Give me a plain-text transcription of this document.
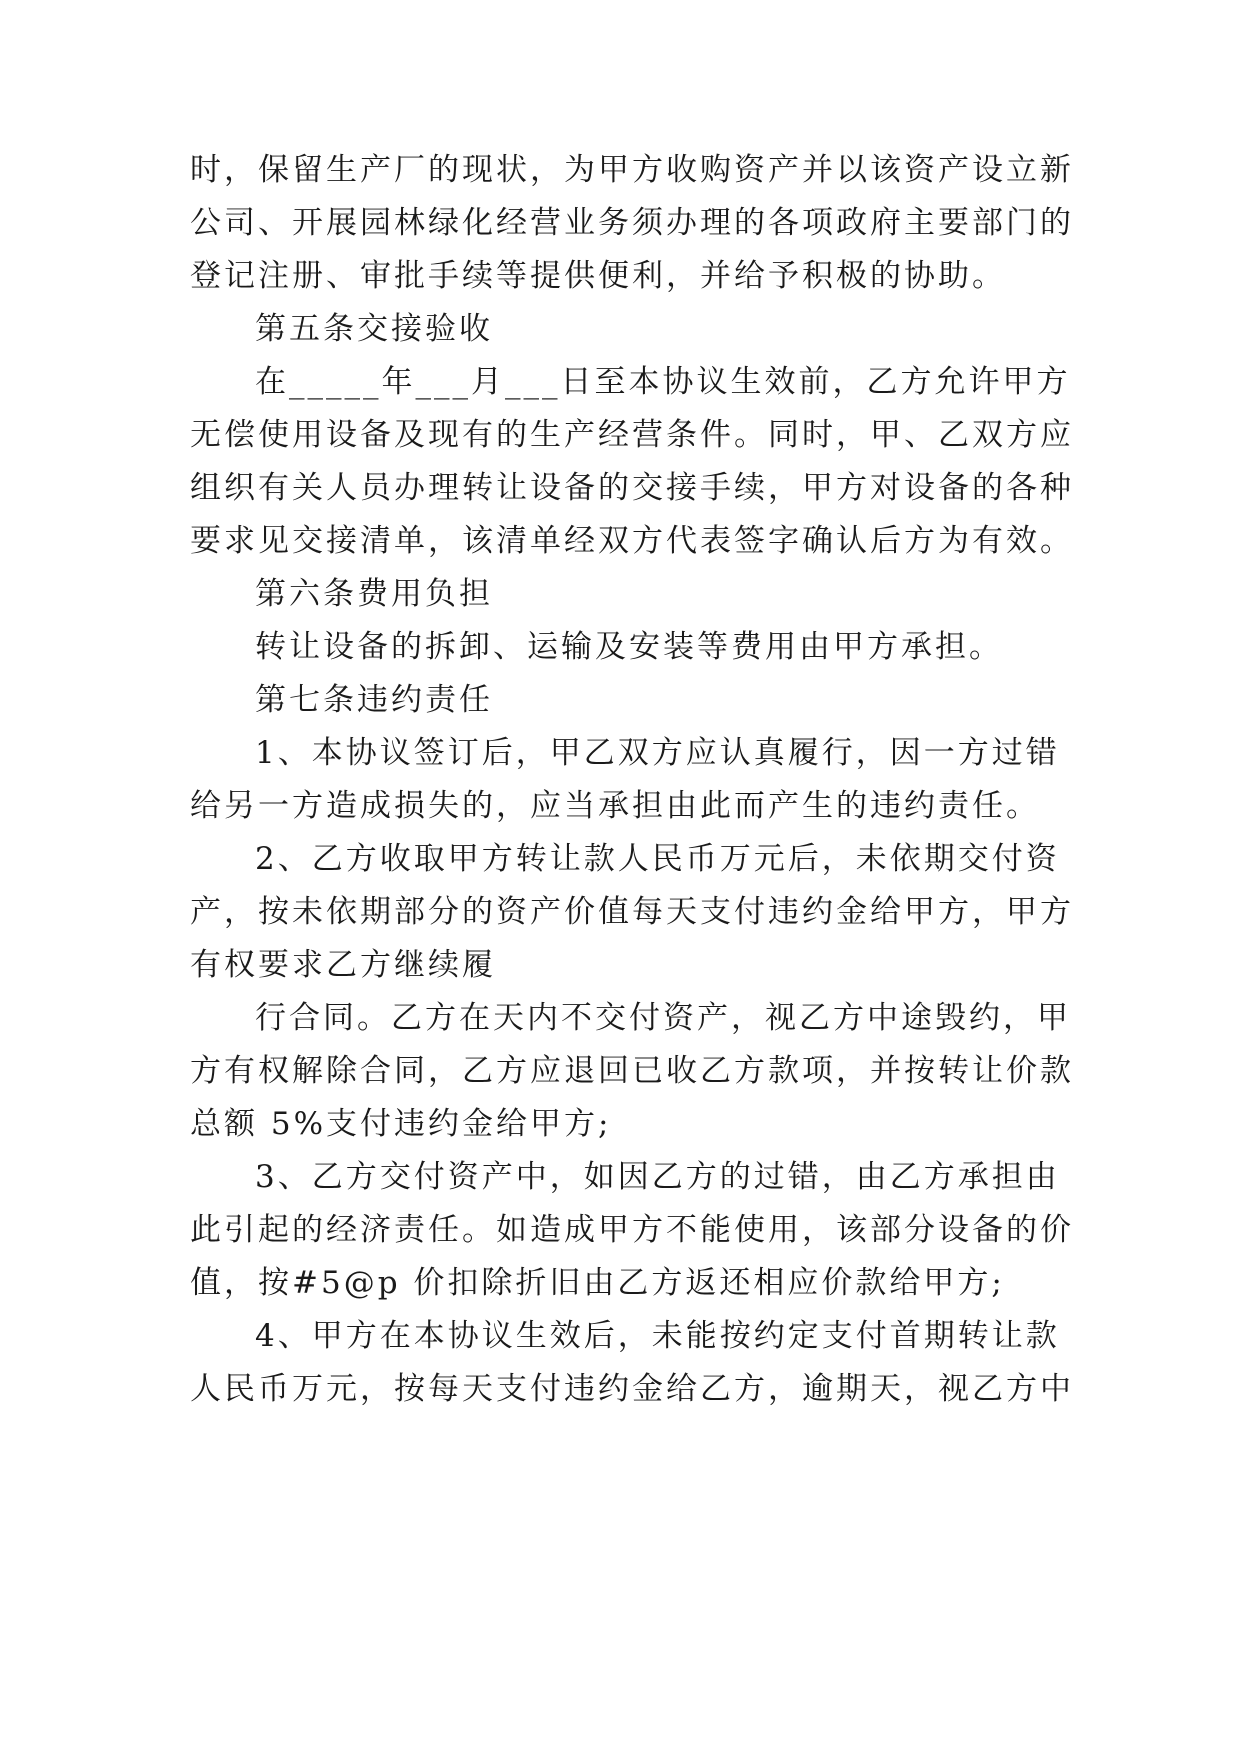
时，保留生产厂的现状，为甲方收购资产并以该资产设立新

公司、开展园林绿化经营业务须办理的各项政府主要部门的

登记注册、审批手续等提供便利，并给予积极的协助。

第五条交接验收

在_____年___月___日至本协议生效前，乙方允许甲方

无偿使用设备及现有的生产经营条件。同时，甲、乙双方应

组织有关人员办理转让设备的交接手续，甲方对设备的各种

要求见交接清单，该清单经双方代表签字确认后方为有效。

第六条费用负担

转让设备的拆卸、运输及安装等费用由甲方承担。

第七条违约责任

1、本协议签订后，甲乙双方应认真履行，因一方过错

给另一方造成损失的，应当承担由此而产生的违约责任。

2、乙方收取甲方转让款人民币万元后，未依期交付资

产，按未依期部分的资产价值每天支付违约金给甲方，甲方

有权要求乙方继续履

行合同。乙方在天内不交付资产，视乙方中途毁约，甲

方有权解除合同，乙方应退回已收乙方款项，并按转让价款

总额 5%支付违约金给甲方;

3、乙方交付资产中，如因乙方的过错，由乙方承担由

此引起的经济责任。如造成甲方不能使用，该部分设备的价

值，按#5@p 价扣除折旧由乙方返还相应价款给甲方;

4、甲方在本协议生效后，未能按约定支付首期转让款

人民币万元，按每天支付违约金给乙方，逾期天，视乙方中
